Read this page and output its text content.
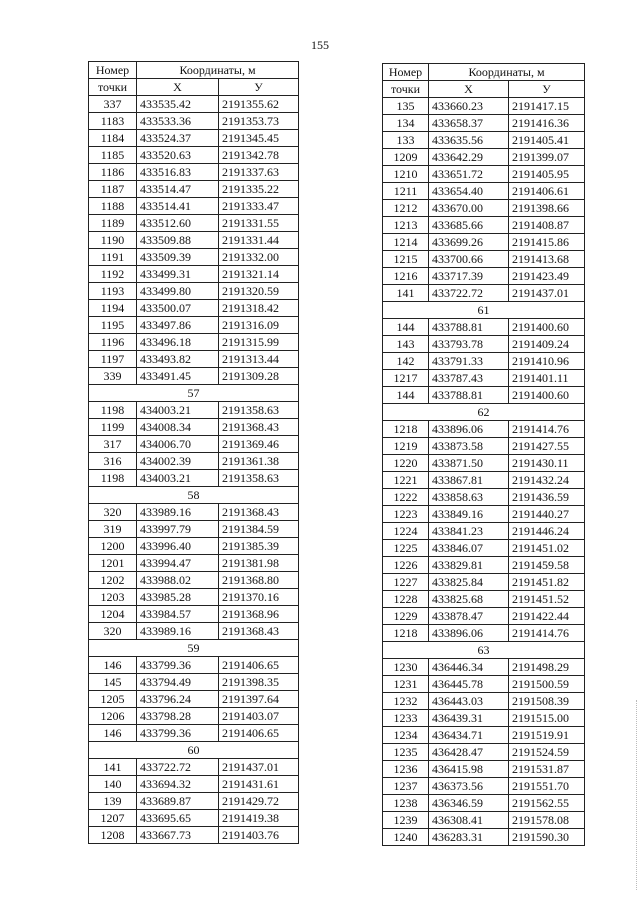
155
Номер	Координаты, м	
точки	X	У
337	433535.42	2191355.62
1183	433533.36	2191353.73
1184	433524.37	2191345.45
1185	433520.63	2191342.78
1186	433516.83	2191337.63
1187	433514.47	2191335.22
1188	433514.41	2191333.47
1189	433512.60	2191331.55
1190	433509.88	2191331.44
1191	433509.39	2191332.00
1192	433499.31	2191321.14
1193	433499.80	2191320.59
1194	433500.07	2191318.42
1195	433497.86	2191316.09
1196	433496.18	2191315.99
1197	433493.82	2191313.44
339	433491.45	2191309.28
57		
1198	434003.21	2191358.63
1199	434008.34	2191368.43
317	434006.70	2191369.46
316	434002.39	2191361.38
1198	434003.21	2191358.63
58		
320	433989.16	2191368.43
319	433997.79	2191384.59
1200	433996.40	2191385.39
1201	433994.47	2191381.98
1202	433988.02	2191368.80
1203	433985.28	2191370.16
1204	433984.57	2191368.96
320	433989.16	2191368.43
59		
146	433799.36	2191406.65
145	433794.49	2191398.35
1205	433796.24	2191397.64
1206	433798.28	2191403.07
146	433799.36	2191406.65
60		
141	433722.72	2191437.01
140	433694.32	2191431.61
139	433689.87	2191429.72
1207	433695.65	2191419.38
1208	433667.73	2191403.76
Номер	Координаты, м	
точки	X	У
135	433660.23	2191417.15
134	433658.37	2191416.36
133	433635.56	2191405.41
1209	433642.29	2191399.07
1210	433651.72	2191405.95
1211	433654.40	2191406.61
1212	433670.00	2191398.66
1213	433685.66	2191408.87
1214	433699.26	2191415.86
1215	433700.66	2191413.68
1216	433717.39	2191423.49
141	433722.72	2191437.01
61		
144	433788.81	2191400.60
143	433793.78	2191409.24
142	433791.33	2191410.96
1217	433787.43	2191401.11
144	433788.81	2191400.60
62		
1218	433896.06	2191414.76
1219	433873.58	2191427.55
1220	433871.50	2191430.11
1221	433867.81	2191432.24
1222	433858.63	2191436.59
1223	433849.16	2191440.27
1224	433841.23	2191446.24
1225	433846.07	2191451.02
1226	433829.81	2191459.58
1227	433825.84	2191451.82
1228	433825.68	2191451.52
1229	433878.47	2191422.44
1218	433896.06	2191414.76
63		
1230	436446.34	2191498.29
1231	436445.78	2191500.59
1232	436443.03	2191508.39
1233	436439.31	2191515.00
1234	436434.71	2191519.91
1235	436428.47	2191524.59
1236	436415.98	2191531.87
1237	436373.56	2191551.70
1238	436346.59	2191562.55
1239	436308.41	2191578.08
1240	436283.31	2191590.30
